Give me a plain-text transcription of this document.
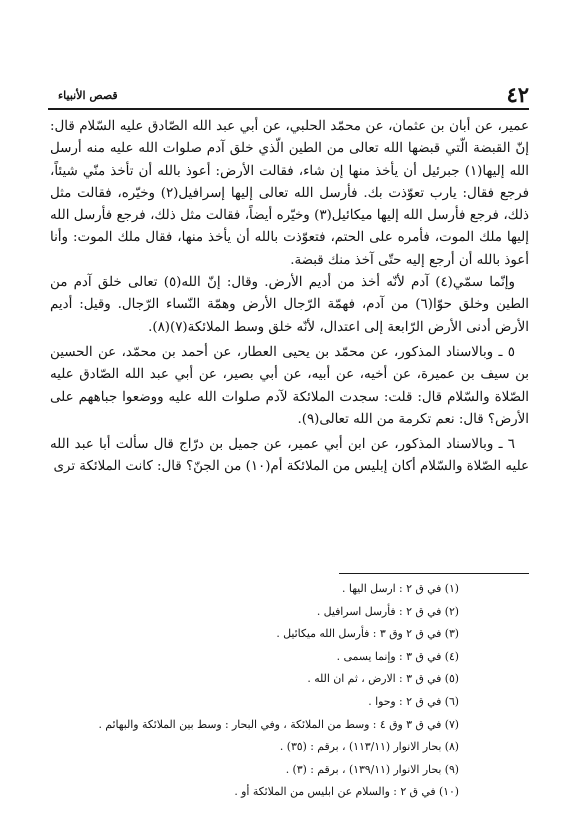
٤٢
قصص الأنبياء

عمير، عن أبان بن عثمان، عن محمّد الحلبي، عن أبي عبد الله الصّادق عليه السّلام قال: إنّ القبضة الّتي قبضها الله تعالى من الطين الّذي خلق آدم صلوات الله عليه منه أرسل الله إليها(١) جبرئيل أن يأخذ منها إن شاء، فقالت الأرض: أعوذ بالله أن تأخذ منّي شيئاً، فرجع فقال: يارب تعوّذت بك. فأرسل الله تعالى إليها إسرافيل(٢) وخيّره، فقالت مثل ذلك، فرجع فأرسل الله إليها ميكائيل(٣) وخيّره أيضاً، فقالت مثل ذلك، فرجع فأرسل الله إليها ملك الموت، فأمره على الحتم، فتعوّذت بالله أن يأخذ منها، فقال ملك الموت: وأنا أعوذ بالله أن أرجع إليه حتّى آخذ منك قبضة.

وإنّما سمّي(٤) آدم لأنّه أخذ من أديم الأرض. وقال: إنّ الله(٥) تعالى خلق آدم من الطين وخلق حوّا(٦) من آدم، فهمّة الرّجال الأرض وهمّة النّساء الرّجال. وقيل: أديم الأرض أدنى الأرض الرّابعة إلى اعتدال، لأنّه خلق وسط الملائكة(٧)(٨).

٥ ـ وبالاسناد المذكور، عن محمّد بن يحيى العطار، عن أحمد بن محمّد، عن الحسين بن سيف بن عميرة، عن أخيه، عن أبيه، عن أبي بصير، عن أبي عبد الله الصّادق عليه الصّلاة والسّلام قال: قلت: سجدت الملائكة لآدم صلوات الله عليه ووضعوا جباههم على الأرض؟ قال: نعم تكرمة من الله تعالى(٩).

٦ ـ وبالاسناد المذكور، عن ابن أبي عمير، عن جميل بن درّاج قال سألت أبا عبد الله عليه الصّلاة والسّلام أكان إبليس من الملائكة أم(١٠) من الجنّ؟ قال: كانت الملائكة ترى

(١) في ق ٢ : ارسل اليها .
(٢) في ق ٢ : فأرسل اسرافيل .
(٣) في ق ٢ وق ٣ : فأرسل الله ميكائيل .
(٤) في ق ٣ : وإنما يسمى .
(٥) في ق ٣ : الارض ، ثم ان الله .
(٦) في ق ٢ : وحوا .
(٧) في ق ٣ وق ٤ : وسط من الملائكة ، وفي البحار : وسط بين الملائكة والبهائم .
(٨) بحار الانوار (١١٣/١١) ، برقم : (٣٥) .
(٩) بحار الانوار (١٣٩/١١) ، برقم : (٣) .
(١٠) في ق ٢ : والسلام عن ابليس من الملائكة أو .
